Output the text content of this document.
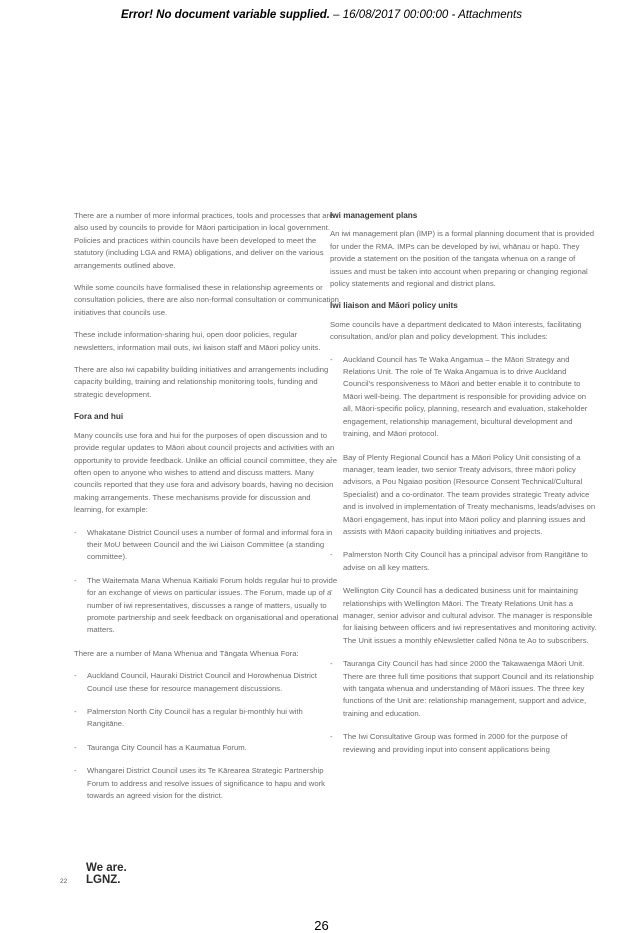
Error! No document variable supplied. – 16/08/2017 00:00:00 - Attachments

There are a number of more informal practices, tools and processes that are also used by councils to provide for Māori participation in local government. Policies and practices within councils have been developed to meet the statutory (including LGA and RMA) obligations, and deliver on the various arrangements outlined above.

While some councils have formalised these in relationship agreements or consultation policies, there are also non-formal consultation or communication initiatives that councils use.

These include information-sharing hui, open door policies, regular newsletters, information mail outs, iwi liaison staff and Māori policy units.

There are also iwi capability building initiatives and arrangements including capacity building, training and relationship monitoring tools, funding and strategic development.

Fora and hui

Many councils use fora and hui for the purposes of open discussion and to provide regular updates to Māori about council projects and activities with an opportunity to provide feedback. Unlike an official council committee, they are often open to anyone who wishes to attend and discuss matters. Many councils reported that they use fora and advisory boards, having no decision making arrangements. These mechanisms provide for discussion and learning, for example:

- Whakatane District Council uses a number of formal and informal fora in their MoU between Council and the iwi Liaison Committee (a standing committee).
- The Waitemata Mana Whenua Kaitiaki Forum holds regular hui to provide for an exchange of views on particular issues. The Forum, made up of a number of iwi representatives, discusses a range of matters, usually to promote partnership and seek feedback on organisational and operational matters.

There are a number of Mana Whenua and Tāngata Whenua Fora:

- Auckland Council, Hauraki District Council and Horowhenua District Council use these for resource management discussions.
- Palmerston North City Council has a regular bi-monthly hui with Rangitāne.
- Tauranga City Council has a Kaumatua Forum.
- Whangarei District Council uses its Te Kārearea Strategic Partnership Forum to address and resolve issues of significance to hapu and work towards an agreed vision for the district.
Iwi management plans

An iwi management plan (IMP) is a formal planning document that is provided for under the RMA. IMPs can be developed by iwi, whānau or hapū. They provide a statement on the position of the tangata whenua on a range of issues and must be taken into account when preparing or changing regional policy statements and regional and district plans.

Iwi liaison and Māori policy units

Some councils have a department dedicated to Māori interests, facilitating consultation, and/or plan and policy development. This includes:

- Auckland Council has Te Waka Angamua – the Māori Strategy and Relations Unit. The role of Te Waka Angamua is to drive Auckland Council's responsiveness to Māori and better enable it to contribute to Māori well-being. The department is responsible for providing advice on all, Māori-specific policy, planning, research and evaluation, stakeholder engagement, relationship management, bicultural development and training, and Māori protocol.
- Bay of Plenty Regional Council has a Māori Policy Unit consisting of a manager, team leader, two senior Treaty advisors, three māori policy advisors, a Pou Ngaiao position (Resource Consent Technical/Cultural Specialist) and a co-ordinator. The team provides strategic Treaty advice and is involved in implementation of Treaty mechanisms, leads/advises on Māori engagement, has input into Māori policy and planning issues and assists with Māori capacity building initiatives and projects.
- Palmerston North City Council has a principal advisor from Rangitāne to advise on all key matters.
- Wellington City Council has a dedicated business unit for maintaining relationships with Wellington Māori. The Treaty Relations Unit has a manager, senior advisor and cultural advisor. The manager is responsible for liaising between officers and iwi representatives and monitoring activity. The Unit issues a monthly eNewsletter called Nōna te Ao to subscribers.
- Tauranga City Council has had since 2000 the Takawaenga Māori Unit. There are three full time positions that support Council and its relationship with tangata whenua and understanding of Māori issues. The three key functions of the Unit are: relationship management, support and advice, training and education.
- The Iwi Consultative Group was formed in 2000 for the purpose of reviewing and providing input into consent applications being
22
We are.
LGNZ.
26
